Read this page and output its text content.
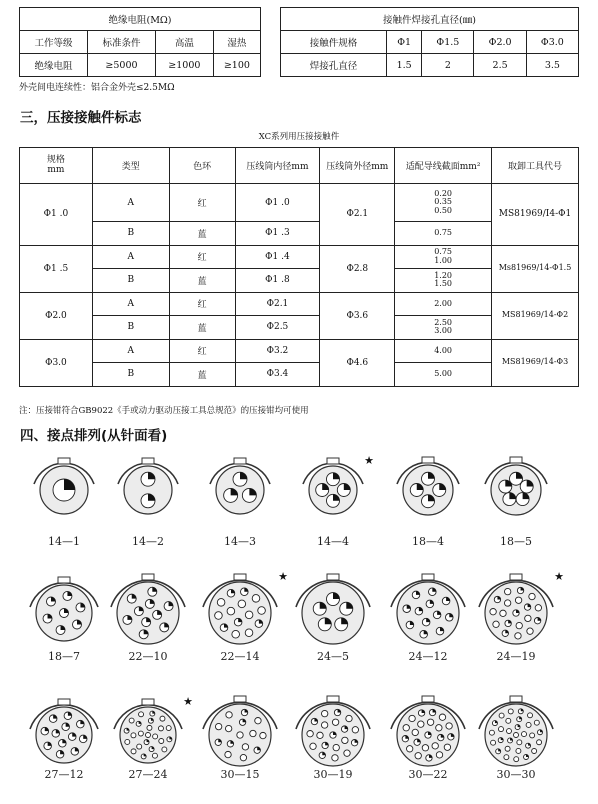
绝缘电阻(MΩ)			
工作等级	标准条件	高温	湿热
绝缘电阻	≥5000	≥1000	≥100
接触件焊接孔直径(㎜)				
接触件规格	Φ1	Φ1.5	Φ2.0	Φ3.0
焊接孔直径	1.5	2	2.5	3.5
外壳间电连续性：铝合金外壳≤2.5MΩ
三，压接接触件标志
XC系列用压接接触件
规格
mm	类型	色环	压线筒内径mm	压线筒外径mm	适配导线截面mm²	取卸工具代号
Φ1 .0	A	红	Φ1 .0	Φ2.1	0.20
0.35
0.50	MS81969/Ⅰ4-Φ1
	B	蓝	Φ1 .3		0.75	
Φ1 .5	A	红	Φ1 .4	Φ2.8	0.75
1.00	Ms81969/14-Φ1.5
	B	蓝	Φ1 .8		1.20
1.50	
Φ2.0	A	红	Φ2.1	Φ3.6	2.00	MS81969/14-Φ2
	B	蓝	Φ2.5		2.50
3.00	
Φ3.0	A	红	Φ3.2	Φ4.6	4.00	MS81969/14-Φ3
	B	蓝	Φ3.4		5.00	
注：压接钳符合GB9022《手或动力驱动压接工具总规范》的压接钳均可使用
四、接点排列(从针面看)
14—1	14—2	14—3
★
14—4	18—4	18—5
18—7	22—10
★
22—14	24—5	24—12
★
24—19
27—12
★
27—24	30—15	30—19	30—22	30—30
